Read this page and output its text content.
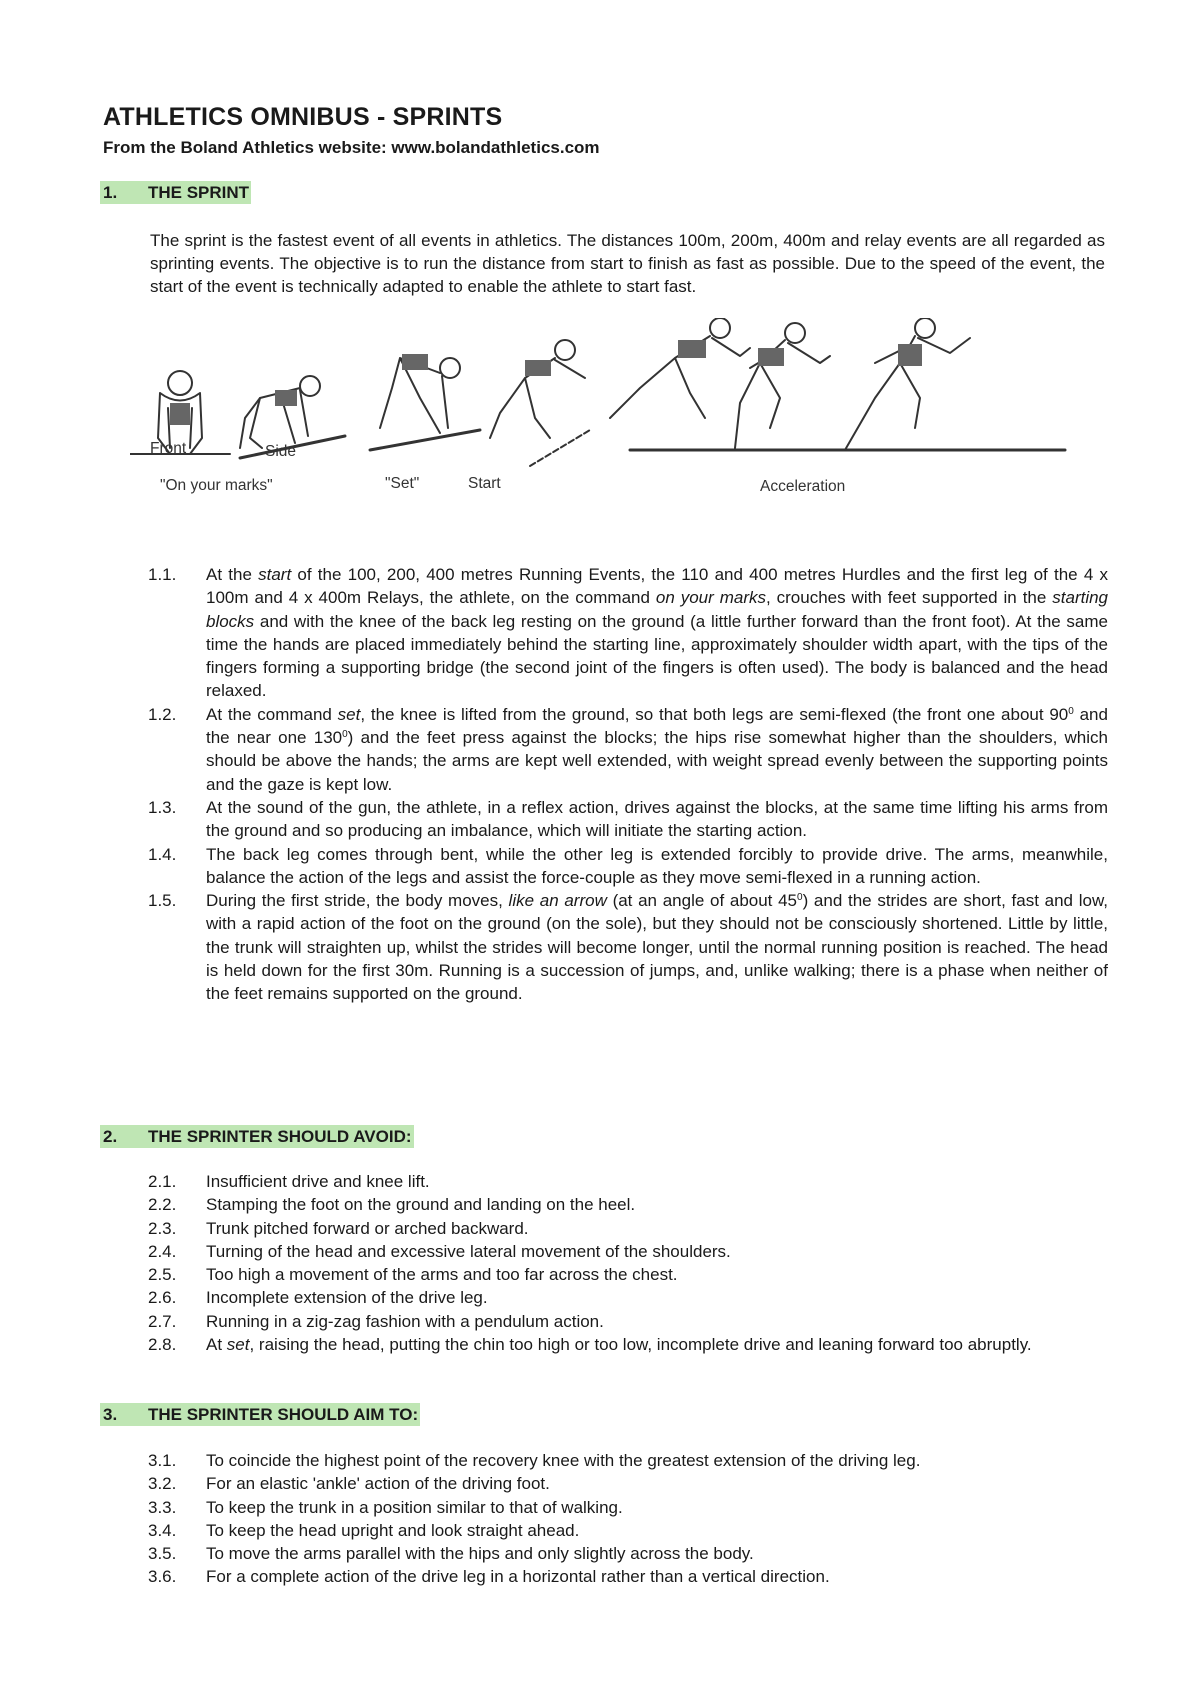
ATHLETICS OMNIBUS - SPRINTS

From the Boland Athletics website: www.bolandathletics.com

1. THE SPRINT

The sprint is the fastest event of all events in athletics. The distances 100m, 200m, 400m and relay events are all regarded as sprinting events. The objective is to run the distance from start to finish as fast as possible. Due to the speed of the event, the start of the event is technically adapted to enable the athlete to start fast.

Front	Side
"On your marks"	"Set"	Start	Acceleration
1.1. At the start of the 100, 200, 400 metres Running Events, the 110 and 400 metres Hurdles and the first leg of the 4 x 100m and 4 x 400m Relays, the athlete, on the command on your marks, crouches with feet supported in the starting blocks and with the knee of the back leg resting on the ground (a little further forward than the front foot). At the same time the hands are placed immediately behind the starting line, approximately shoulder width apart, with the tips of the fingers forming a supporting bridge (the second joint of the fingers is often used). The body is balanced and the head relaxed.
1.2. At the command set, the knee is lifted from the ground, so that both legs are semi-flexed (the front one about $90^0$ and the near one $130^0$) and the feet press against the blocks; the hips rise somewhat higher than the shoulders, which should be above the hands; the arms are kept well extended, with weight spread evenly between the supporting points and the gaze is kept low.
1.3. At the sound of the gun, the athlete, in a reflex action, drives against the blocks, at the same time lifting his arms from the ground and so producing an imbalance, which will initiate the starting action.
1.4. The back leg comes through bent, while the other leg is extended forcibly to provide drive. The arms, meanwhile, balance the action of the legs and assist the force-couple as they move semi-flexed in a running action.
1.5. During the first stride, the body moves, like an arrow (at an angle of about $45^0$) and the strides are short, fast and low, with a rapid action of the foot on the ground (on the sole), but they should not be consciously shortened. Little by little, the trunk will straighten up, whilst the strides will become longer, until the normal running position is reached. The head is held down for the first 30m. Running is a succession of jumps, and, unlike walking; there is a phase when neither of the feet remains supported on the ground.
2. THE SPRINTER SHOULD AVOID:
2.1. Insufficient drive and knee lift.
2.2. Stamping the foot on the ground and landing on the heel.
2.3. Trunk pitched forward or arched backward.
2.4. Turning of the head and excessive lateral movement of the shoulders.
2.5. Too high a movement of the arms and too far across the chest.
2.6. Incomplete extension of the drive leg.
2.7. Running in a zig-zag fashion with a pendulum action.
2.8. At set, raising the head, putting the chin too high or too low, incomplete drive and leaning forward too abruptly.
3. THE SPRINTER SHOULD AIM TO:
3.1. To coincide the highest point of the recovery knee with the greatest extension of the driving leg.
3.2. For an elastic 'ankle' action of the driving foot.
3.3. To keep the trunk in a position similar to that of walking.
3.4. To keep the head upright and look straight ahead.
3.5. To move the arms parallel with the hips and only slightly across the body.
3.6. For a complete action of the drive leg in a horizontal rather than a vertical direction.
